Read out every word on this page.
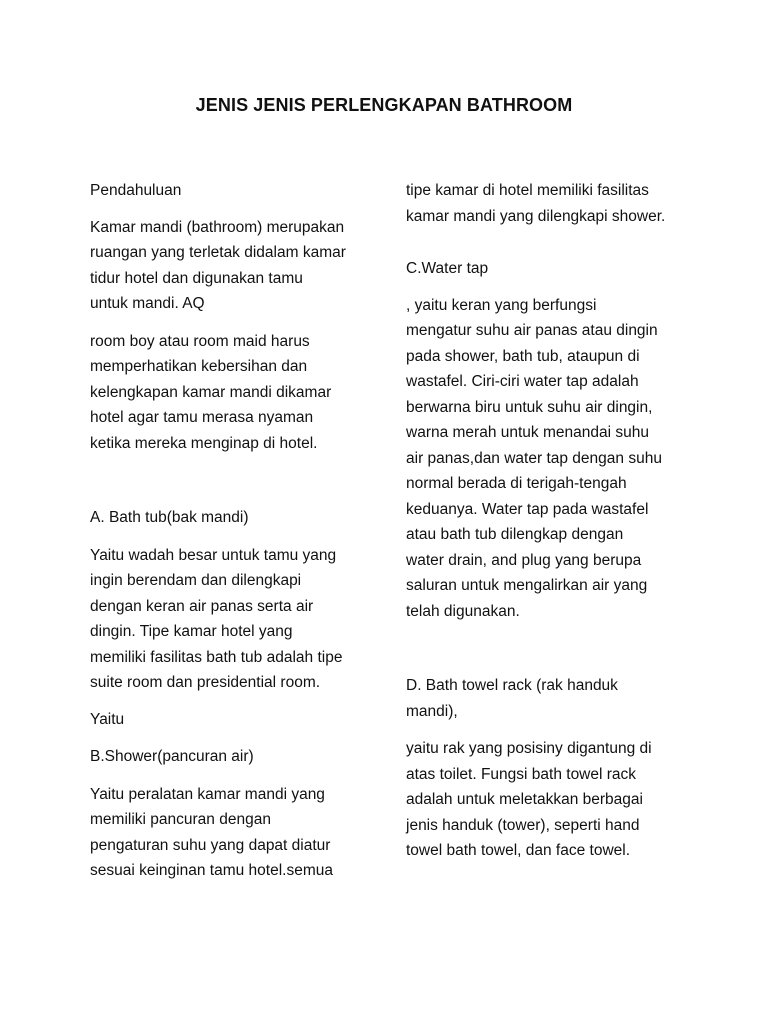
JENIS JENIS PERLENGKAPAN BATHROOM

Pendahuluan

Kamar mandi (bathroom) merupakan
ruangan yang terletak didalam kamar
tidur hotel dan digunakan tamu
untuk mandi. AQ

room boy atau room maid harus
memperhatikan kebersihan dan
kelengkapan kamar mandi dikamar
hotel agar tamu merasa nyaman
ketika mereka menginap di hotel.

A. Bath tub(bak mandi)

Yaitu wadah besar untuk tamu yang
ingin berendam dan dilengkapi
dengan keran air panas serta air
dingin. Tipe kamar hotel yang
memiliki fasilitas bath tub adalah tipe
suite room dan presidential room.

Yaitu

B.Shower(pancuran air)

Yaitu peralatan kamar mandi yang
memiliki pancuran dengan
pengaturan suhu yang dapat diatur
sesuai keinginan tamu hotel.semua

tipe kamar di hotel memiliki fasilitas
kamar mandi yang dilengkapi shower.

C.Water tap

, yaitu keran yang berfungsi
mengatur suhu air panas atau dingin
pada shower, bath tub, ataupun di
wastafel. Ciri-ciri water tap adalah
berwarna biru untuk suhu air dingin,
warna merah untuk menandai suhu
air panas,dan water tap dengan suhu
normal berada di terigah-tengah
keduanya. Water tap pada wastafel
atau bath tub dilengkap dengan
water drain, and plug yang berupa
saluran untuk mengalirkan air yang
telah digunakan.

D. Bath towel rack (rak handuk
mandi),

yaitu rak yang posisiny digantung di
atas toilet. Fungsi bath towel rack
adalah untuk meletakkan berbagai
jenis handuk (tower), seperti hand
towel bath towel, dan face towel.
